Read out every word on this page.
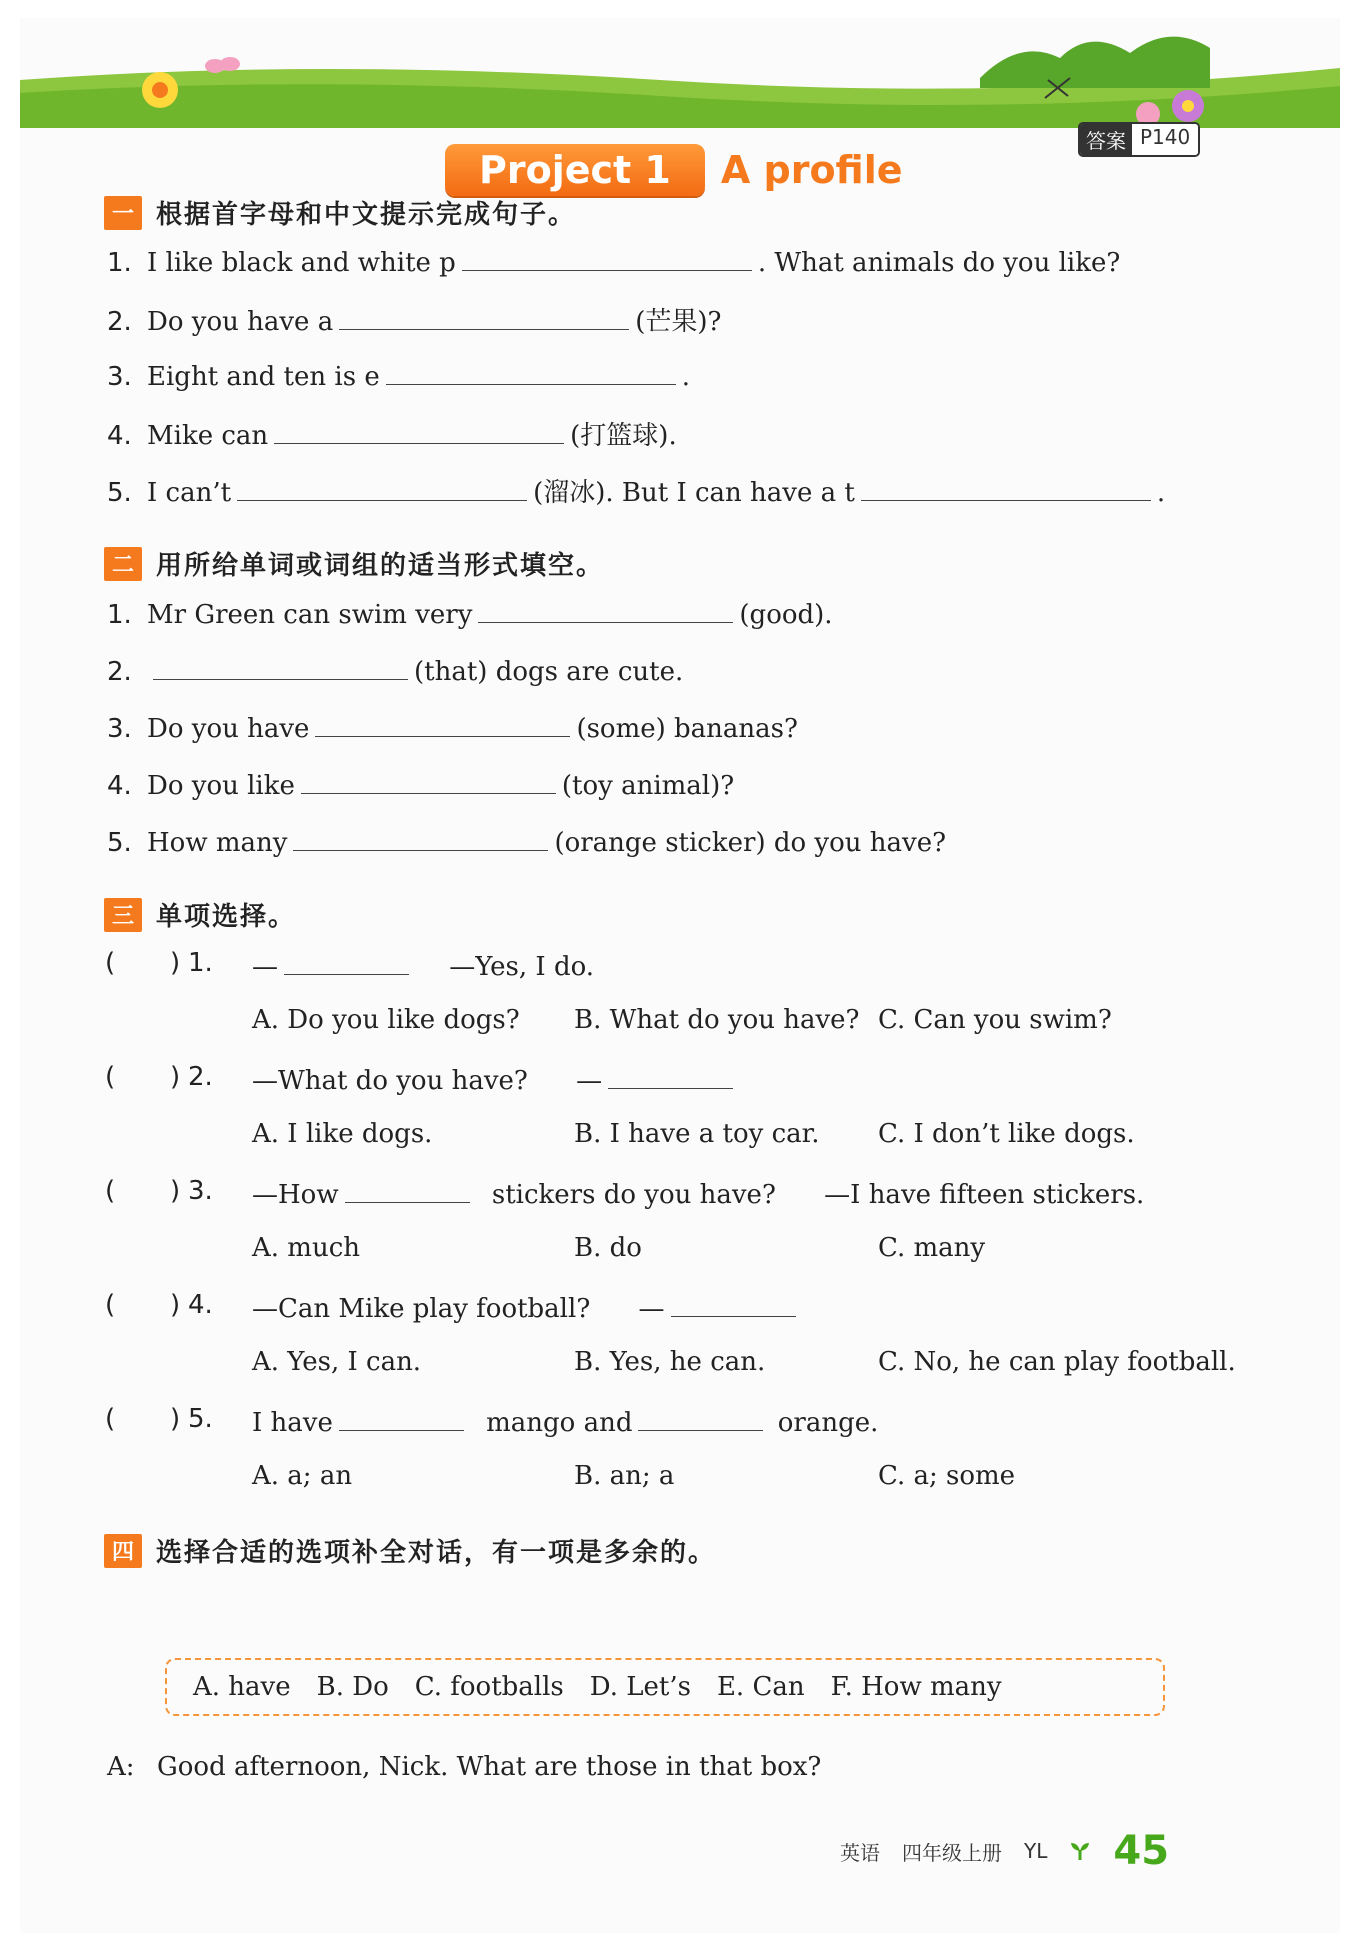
Project 1	A profile
答案 P140
一 根据首字母和中文提示完成句子。
1. I like black and white p	. What animals do you like?
2. Do you have a	(芒果)?
3. Eight and ten is e	.
4. Mike can	(打篮球).
5. I can’t	(溜冰). But I can have a t	.
二 用所给单词或词组的适当形式填空。
1. Mr Green can swim very	(good).
2.	(that) dogs are cute.
3. Do you have	(some) bananas?
4. Do you like	(toy animal)?
5. How many	(orange sticker) do you have?
三 单项选择。
( ) 1. —	—Yes, I do.
A. Do you like dogs? B. What do you have? C. Can you swim?
( ) 2. —What do you have? —
A. I like dogs.	B. I have a toy car. C. I don’t like dogs.
( ) 3. —How	stickers do you have? —I have fifteen stickers.
A. much	B. do	C. many
( ) 4. —Can Mike play football? —
A. Yes, I can.	B. Yes, he can.	C. No, he can play football.
( ) 5. I have	mango and	orange.
A. a; an	B. an; a	C. a; some
四 选择合适的选项补全对话，有一项是多余的。
A. have B. Do C. footballs D. Let’s E. Can F. How many
A: Good afternoon, Nick. What are those in that box?
英语 四年级上册 YL 45
